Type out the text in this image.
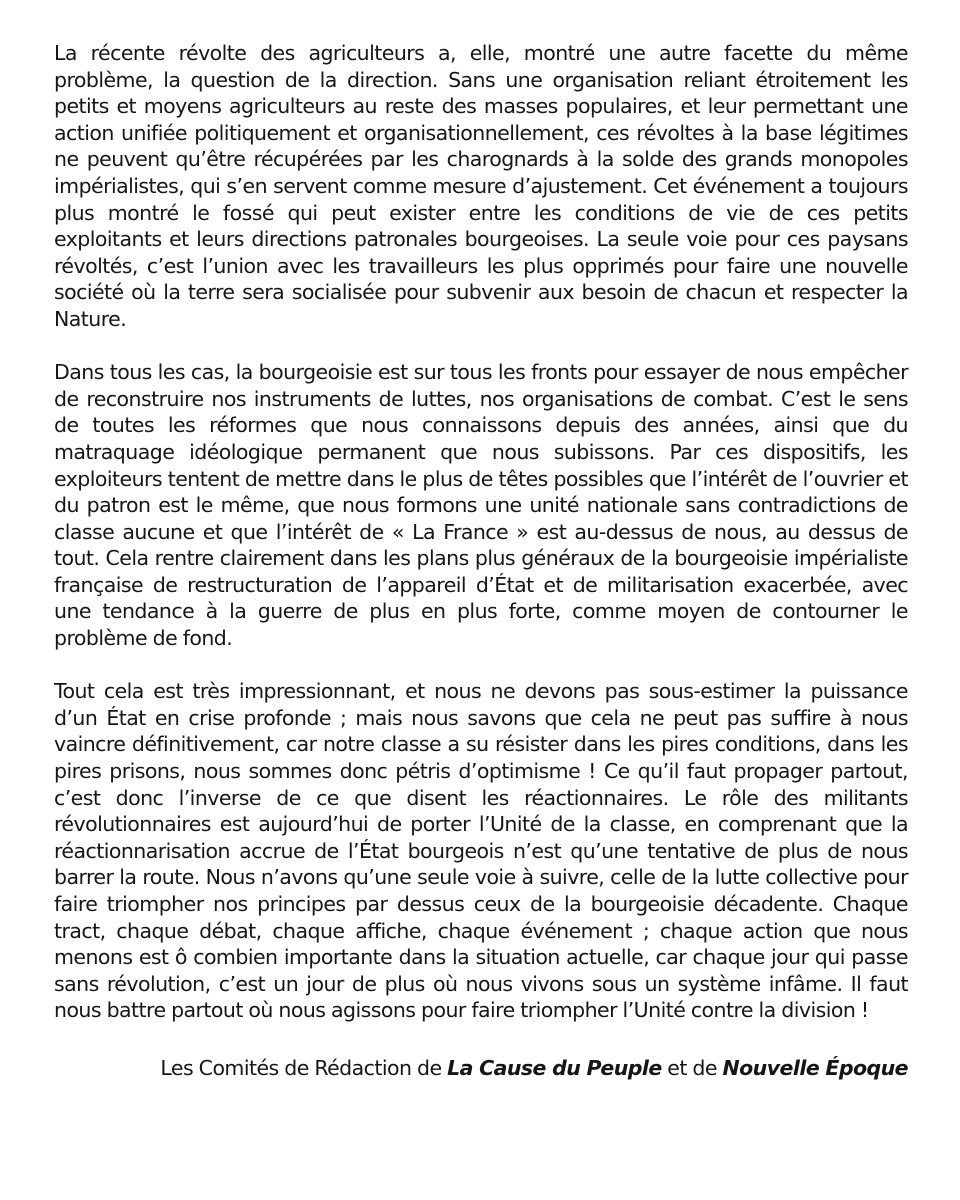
La récente révolte des agriculteurs a, elle, montré une autre facette du même problème, la question de la direction. Sans une organisation reliant étroitement les petits et moyens agriculteurs au reste des masses populaires, et leur permettant une action unifiée politiquement et organisationnellement, ces révoltes à la base légitimes ne peuvent qu’être récupérées par les charognards à la solde des grands monopoles impérialistes, qui s’en servent comme mesure d’ajustement. Cet événement a toujours plus montré le fossé qui peut exister entre les conditions de vie de ces petits exploitants et leurs directions patronales bourgeoises. La seule voie pour ces paysans révoltés, c’est l’union avec les travailleurs les plus opprimés pour faire une nouvelle société où la terre sera socialisée pour subvenir aux besoin de chacun et respecter la Nature.

Dans tous les cas, la bourgeoisie est sur tous les fronts pour essayer de nous empêcher de reconstruire nos instruments de luttes, nos organisations de combat. C’est le sens de toutes les réformes que nous connaissons depuis des années, ainsi que du matraquage idéologique permanent que nous subissons. Par ces dispositifs, les exploiteurs tentent de mettre dans le plus de têtes possibles que l’intérêt de l’ouvrier et du patron est le même, que nous formons une unité nationale sans contradictions de classe aucune et que l’intérêt de « La France » est au-dessus de nous, au dessus de tout. Cela rentre clairement dans les plans plus généraux de la bourgeoisie impérialiste française de restructuration de l’appareil d’État et de militarisation exacerbée, avec une tendance à la guerre de plus en plus forte, comme moyen de contourner le problème de fond.

Tout cela est très impressionnant, et nous ne devons pas sous-estimer la puissance d’un État en crise profonde ; mais nous savons que cela ne peut pas suffire à nous vaincre définitivement, car notre classe a su résister dans les pires conditions, dans les pires prisons, nous sommes donc pétris d’optimisme ! Ce qu’il faut propager partout, c’est donc l’inverse de ce que disent les réactionnaires. Le rôle des militants révolutionnaires est aujourd’hui de porter l’Unité de la classe, en comprenant que la réactionnarisation accrue de l’État bourgeois n’est qu’une tentative de plus de nous barrer la route. Nous n’avons qu’une seule voie à suivre, celle de la lutte collective pour faire triompher nos principes par dessus ceux de la bourgeoisie décadente. Chaque tract, chaque débat, chaque affiche, chaque événement ; chaque action que nous menons est ô combien importante dans la situation actuelle, car chaque jour qui passe sans révolution, c’est un jour de plus où nous vivons sous un système infâme. Il faut nous battre partout où nous agissons pour faire triompher l’Unité contre la division !

Les Comités de Rédaction de La Cause du Peuple et de Nouvelle Époque
